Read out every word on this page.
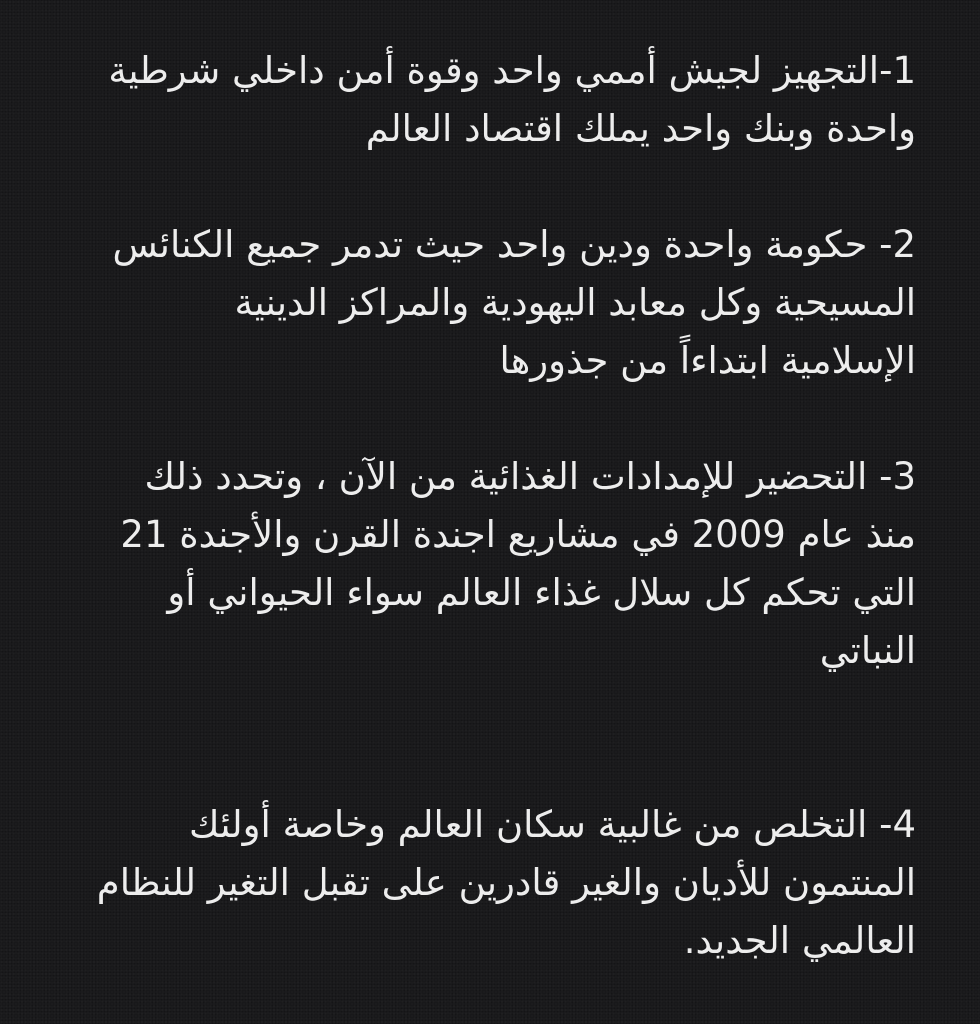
1-التجهيز لجيش أممي واحد وقوة أمن داخلي شرطية
واحدة وبنك واحد يملك اقتصاد العالم
2- حكومة واحدة ودين واحد حيث تدمر جميع الكنائس
المسيحية وكل معابد اليهودية والمراكز الدينية
الإسلامية ابتداءاً من جذورها
3- التحضير للإمدادات الغذائية من الآن ، وتحدد ذلك
منذ عام 2009 في مشاريع اجندة القرن والأجندة 21
التي تحكم كل سلال غذاء العالم سواء الحيواني أو
النباتي
4- التخلص من غالبية سكان العالم وخاصة أولئك
المنتمون للأديان والغير قادرين على تقبل التغير للنظام
العالمي الجديد.
